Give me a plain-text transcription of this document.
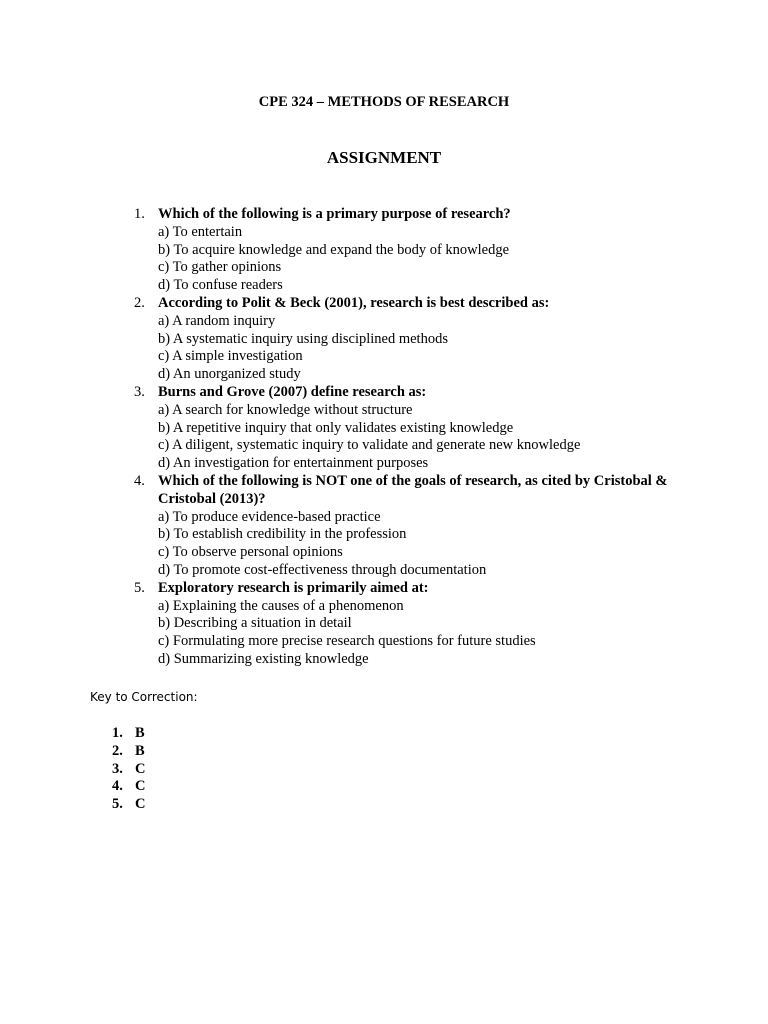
CPE 324 – METHODS OF RESEARCH
ASSIGNMENT
1. Which of the following is a primary purpose of research?
a) To entertain
b) To acquire knowledge and expand the body of knowledge
c) To gather opinions
d) To confuse readers
2. According to Polit & Beck (2001), research is best described as:
a) A random inquiry
b) A systematic inquiry using disciplined methods
c) A simple investigation
d) An unorganized study
3. Burns and Grove (2007) define research as:
a) A search for knowledge without structure
b) A repetitive inquiry that only validates existing knowledge
c) A diligent, systematic inquiry to validate and generate new knowledge
d) An investigation for entertainment purposes
4. Which of the following is NOT one of the goals of research, as cited by Cristobal & Cristobal (2013)?
a) To produce evidence-based practice
b) To establish credibility in the profession
c) To observe personal opinions
d) To promote cost-effectiveness through documentation
5. Exploratory research is primarily aimed at:
a) Explaining the causes of a phenomenon
b) Describing a situation in detail
c) Formulating more precise research questions for future studies
d) Summarizing existing knowledge
Key to Correction:
1. B
2. B
3. C
4. C
5. C
